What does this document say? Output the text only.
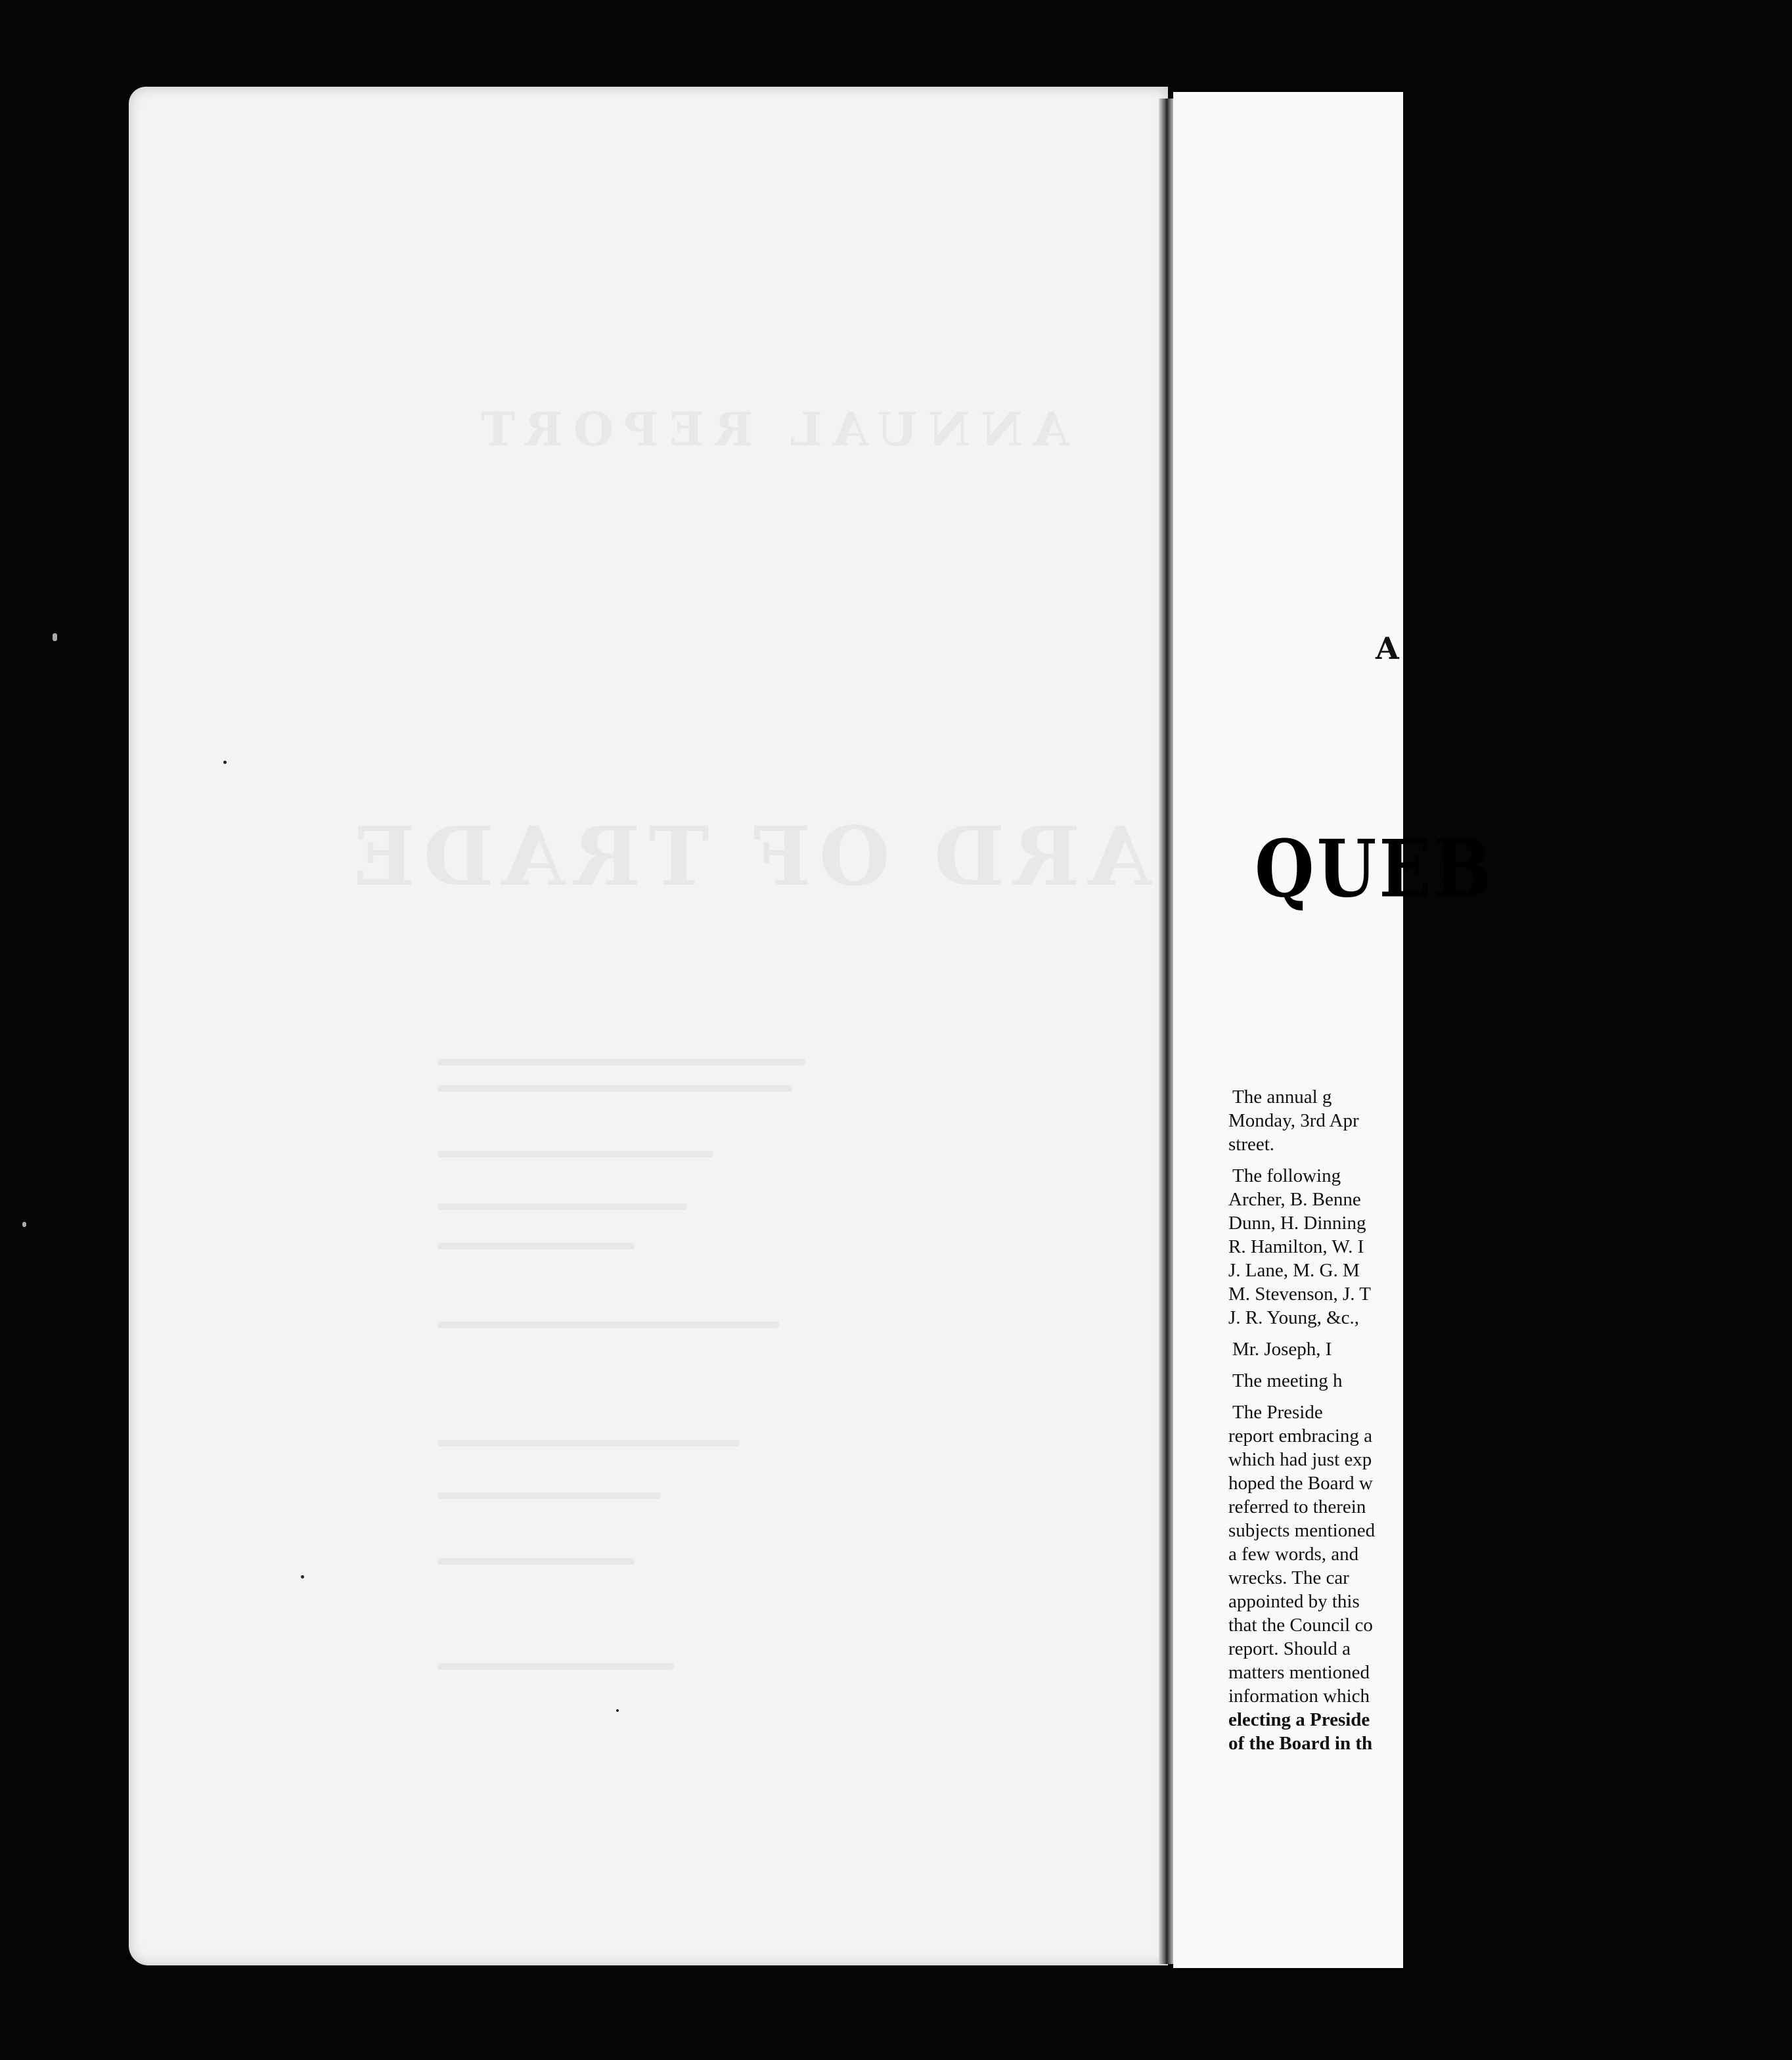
A
QUEB

The annual g

Monday, 3rd Apr

street.

The following

Archer, B. Benne

Dunn, H. Dinning

R. Hamilton, W. I

J. Lane, M. G. M

M. Stevenson, J. T

J. R. Young, &c.,

Mr. Joseph, I

The meeting h

The Preside

report embracing a

which had just exp

hoped the Board w

referred to therein

subjects mentioned

a few words, and

wrecks. The car

appointed by this

that the Council co

report. Should a

matters mentioned

information which

electing a Preside

of the Board in th
